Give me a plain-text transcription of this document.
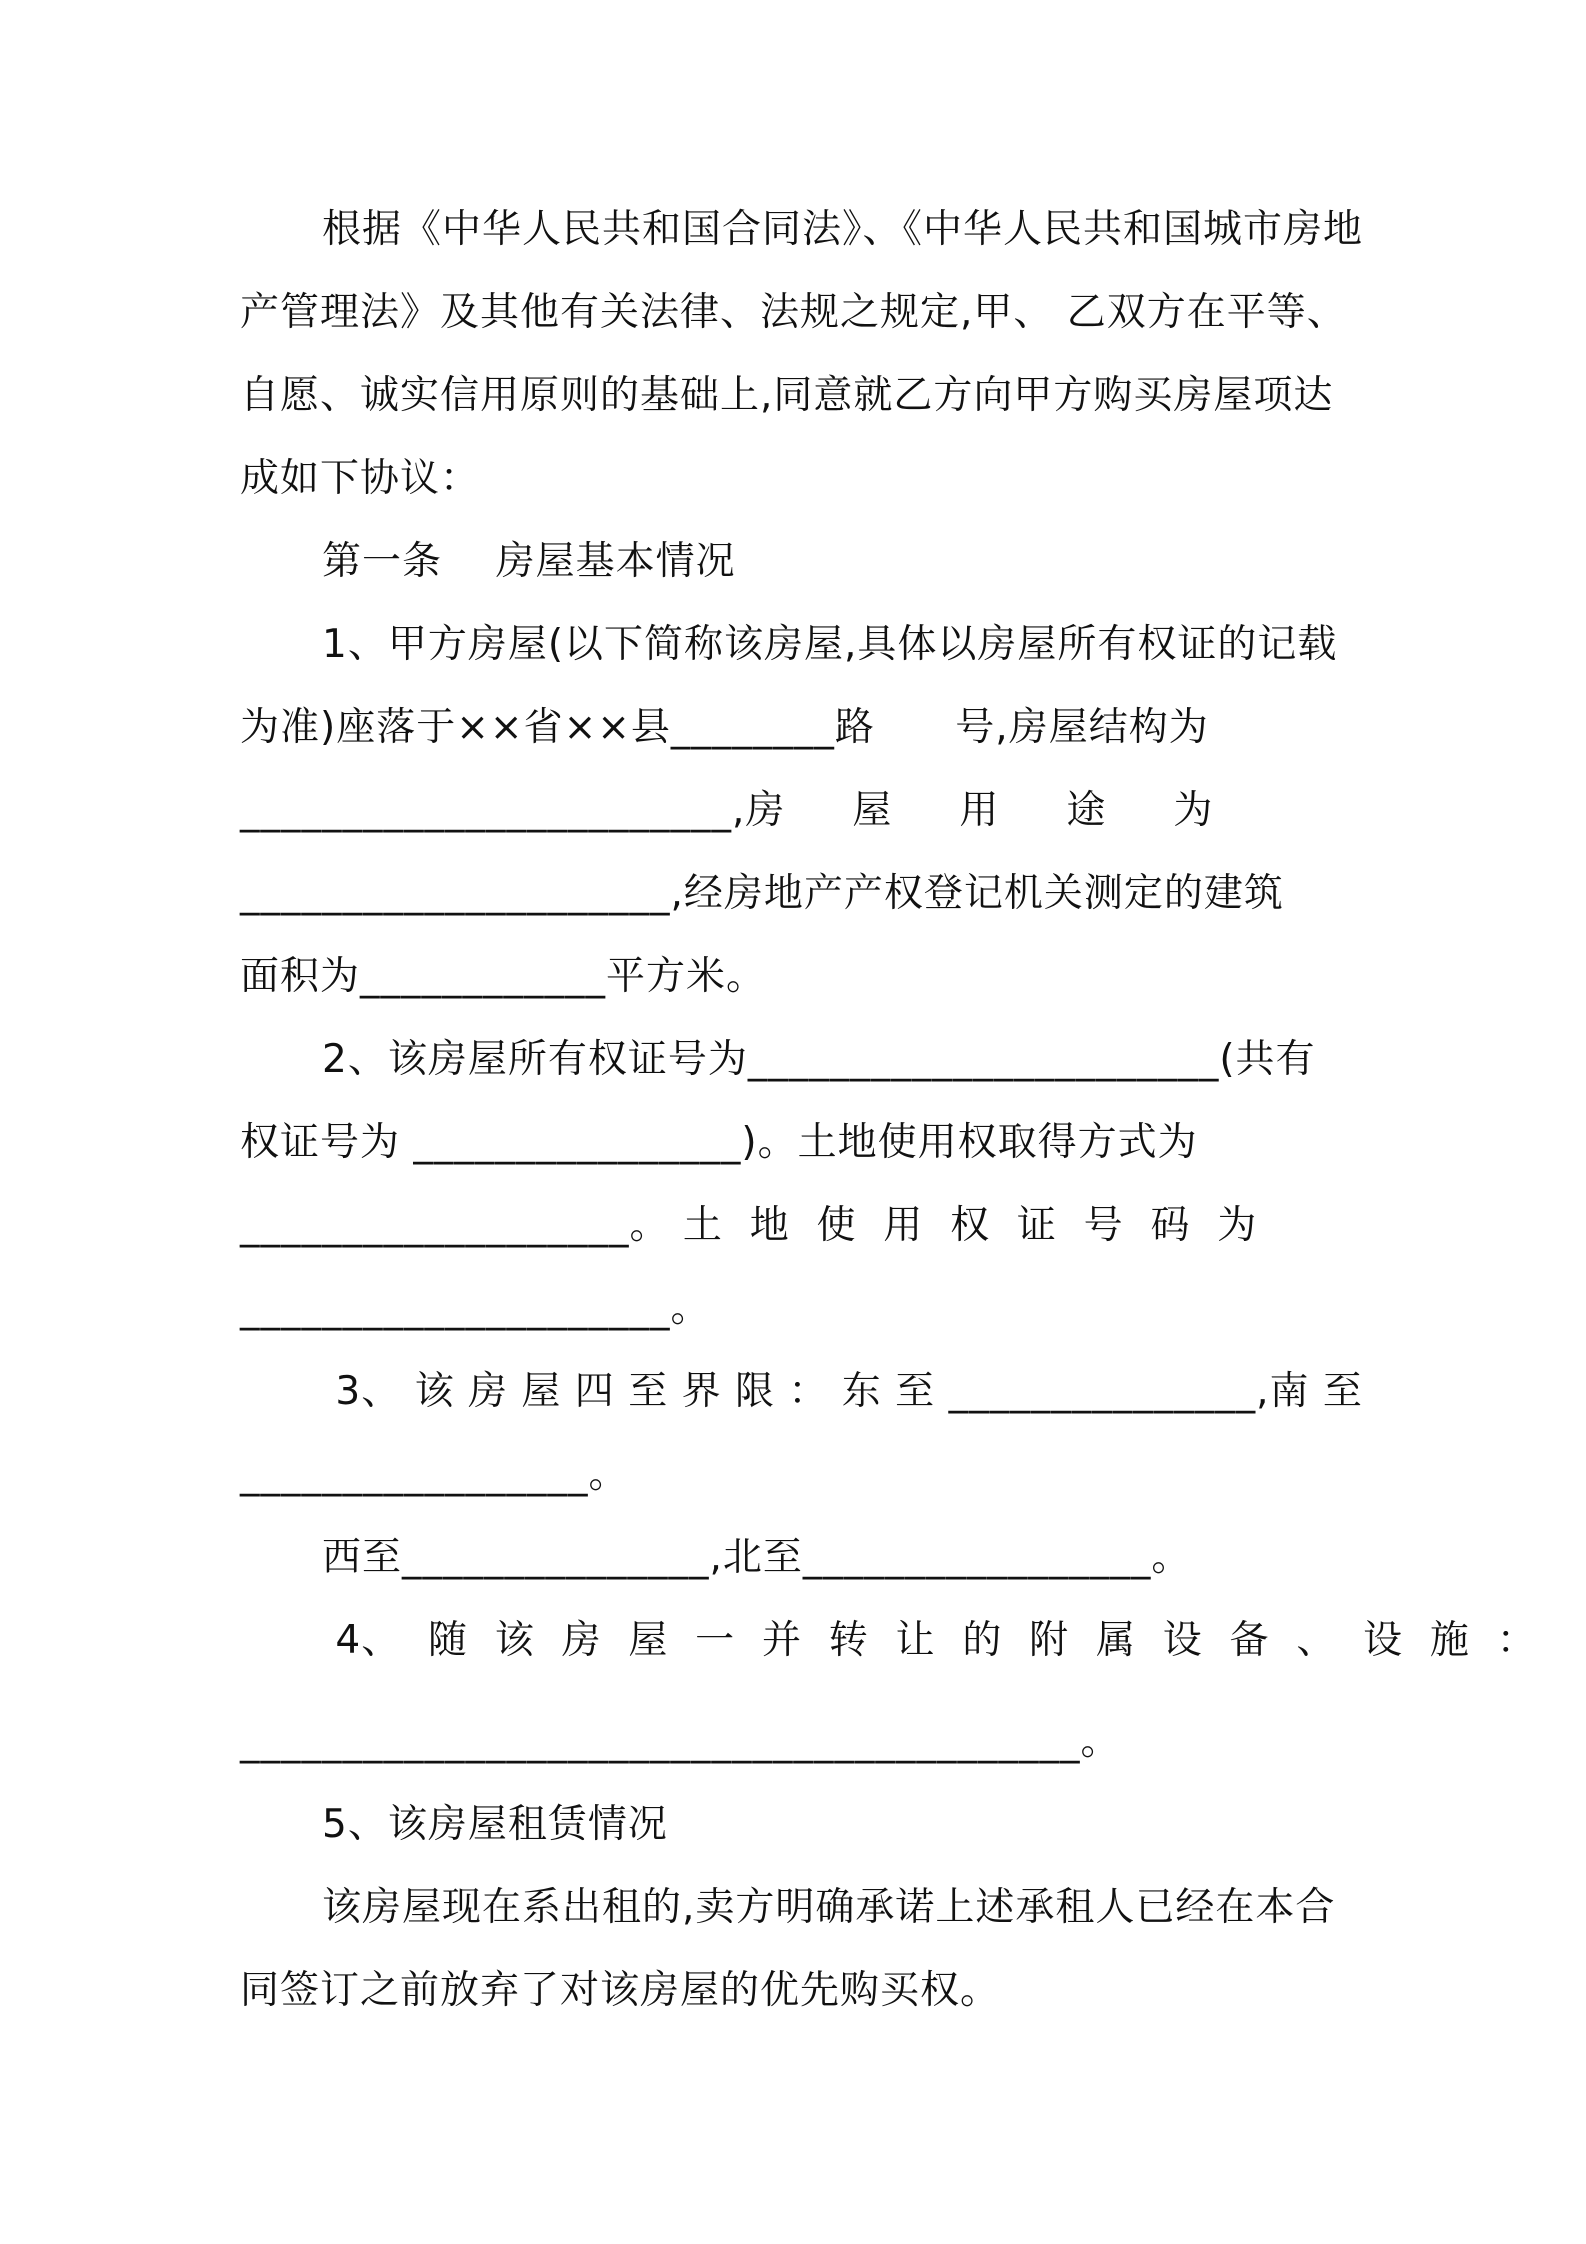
根据《中华人民共和国合同法》、《中华人民共和国城市房地
产管理法》及其他有关法律、法规之规定,甲、 乙双方在平等、
自愿、诚实信用原则的基础上,同意就乙方向甲方购买房屋项达
成如下协议：
第一条    房屋基本情况
1、甲方房屋(以下简称该房屋,具体以房屋所有权证的记载
为准)座落于××省××县________路      号,房屋结构为
________________________,房     屋     用     途     为
_____________________,经房地产产权登记机关测定的建筑
面积为____________平方米。
2、该房屋所有权证号为_______________________(共有
权证号为 ________________)。土地使用权取得方式为
___________________。 土  地  使  用  权  证  号  码  为
_____________________。
3、 该 房 屋 四 至 界 限 ： 东 至 _______________,南 至
_________________。
西至_______________,北至_________________。
4、  随  该  房  屋  一  并  转  让  的  附  属  设  备  、  设  施  ：
_________________________________________。
5、该房屋租赁情况
该房屋现在系出租的,卖方明确承诺上述承租人已经在本合
同签订之前放弃了对该房屋的优先购买权。
